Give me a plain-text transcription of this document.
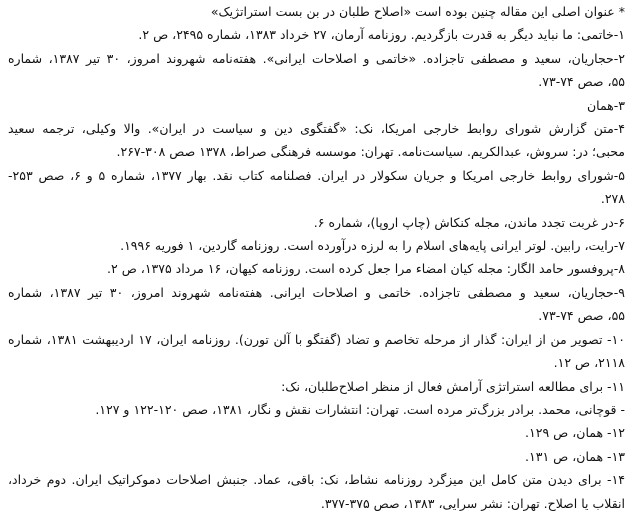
* عنوان اصلی این مقاله چنین بوده است «اصلاح طلبان در بن بست استراتژیک»

۱-خاتمی: ما نباید دیگر به قدرت بازگردیم. روزنامه آرمان، ۲۷ خرداد ۱۳۸۳، شماره ۲۴۹۵، ص ۲.

۲-حجاریان، سعید و مصطفی تاجزاده. «خاتمی و اصلاحات ایرانی». هفته‌نامه شهروند امروز، ۳۰ تیر ۱۳۸۷، شماره

۵۵، صص ۷۴-۷۳.

۳-همان

۴-متن گزارش شورای روابط خارجی امریکا، نک: «گفتگوی دین و سیاست در ایران». والا وکیلی، ترجمه سعید

محبی؛ در: سروش، عبدالکریم. سیاست‌نامه. تهران: موسسه فرهنگی صراط، ۱۳۷۸ صص ۳۰۸-۲۶۷.

۵-شورای روابط خارجی امریکا و جریان سکولار در ایران. فصلنامه کتاب نقد. بهار ۱۳۷۷، شماره ۵ و ۶، صص ۲۵۳-

۲۷۸.

۶-در غربت تجدد ماندن، مجله کنکاش (چاپ اروپا)، شماره ۶.

۷-رایت، رابین. لوتر ایرانی پایه‌های اسلام را به لرزه درآورده است. روزنامه گاردین، ۱ فوریه ۱۹۹۶.

۸-پروفسور حامد الگار: مجله کیان امضاء مرا جعل کرده است. روزنامه کیهان، ۱۶ مرداد ۱۳۷۵، ص ۲.

۹-حجاریان، سعید و مصطفی تاجزاده. خاتمی و اصلاحات ایرانی. هفته‌نامه شهروند امروز، ۳۰ تیر ۱۳۸۷، شماره

۵۵، صص ۷۴-۷۳.

۱۰- تصویر من از ایران: گذار از مرحله تخاصم و تضاد (گفتگو با آلن تورن). روزنامه ایران، ۱۷ اردیبهشت ۱۳۸۱، شماره

۲۱۱۸، ص ۱۲.

۱۱- برای مطالعه استراتژی آرامش فعال از منظر اصلاح‌طلبان، نک:

- قوچانی، محمد. برادر بزرگ‌تر مرده است. تهران: انتشارات نقش و نگار، ۱۳۸۱، صص ۱۲۰-۱۲۲ و ۱۲۷.

۱۲- همان، ص ۱۲۹.

۱۳- همان، ص ۱۳۱.

۱۴- برای دیدن متن کامل این میزگرد روزنامه نشاط، نک: باقی، عماد. جنبش اصلاحات دموکراتیک ایران. دوم خرداد،

انقلاب یا اصلاح. تهران: نشر سرایی، ۱۳۸۳، صص ۳۷۵-۳۷۷.
